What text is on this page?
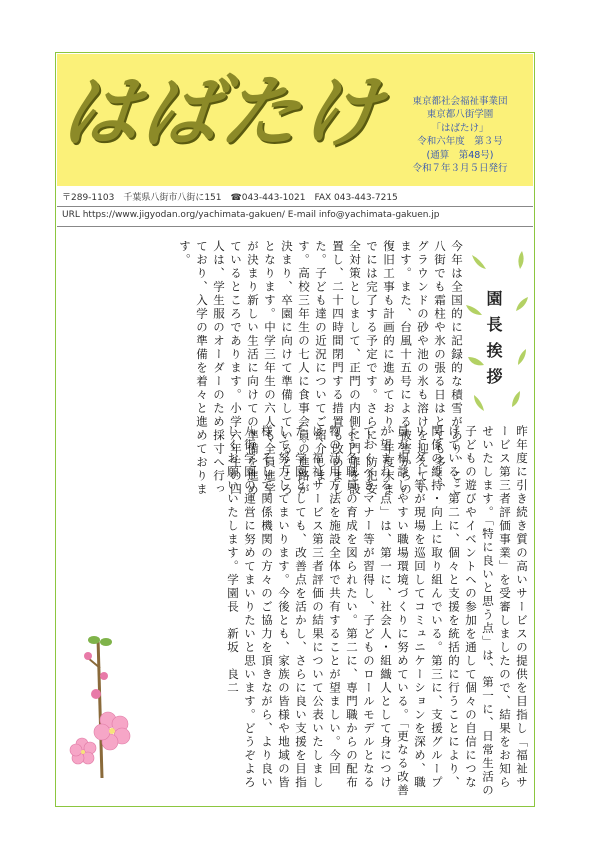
はばたけ	東京都社会福祉事業団
東京都八街学園
「はばたけ」
令和六年度　第３号
(通算　第48号)
令和７年３月５日発行
〒289-1103　千葉県八街市八街に151　☎043-443-1021　FAX 043-443-7215
URL https://www.jigyodan.org/yachimata-gakuen/ E-mail info@yachimata-gakuen.jp
園長挨拶
今年は全国的に記録的な積雪があり、ここ八街でも霜柱や氷の張る日はとても多く、グラウンドの砂や池の氷も溶けを迎えています。また、台風十五号による被害からの復旧工事も計画的に進めており、年度末までには完了する予定です。さらに、防犯安全対策としまして、正門の内側に門扉を設置し、二十四時間閉門する措置も改めました。子ども達の近況についてご紹介します。高校三年生の七人に食事会員の進路が決まり、卒園に向けて準備しているところとなります。中学三年生の六人も全員進学が決まり新しい生活に向けての準備を進めているところであります。小学六年生の四人は、学生服のオーダーのため採寸へ行っており、入学の準備を着々と進めております。
昨年度に引き続き質の高いサービスの提供を目指し「福祉サービス第三者評価事業」を受審しましたので、結果をお知らせいたします。「特に良いと思う点」は、第一に、日常生活の子どもの遊びやイベントへの参加を通して個々の自信につなげている。第二に、個々と支援を統括的に行うことにより、関係の維持・向上に取り組んでいる。第三に、支援グループリーダー等が現場を巡回してコミュニケーションを深め、職員が相談しやすい職場環境づくりに努めている。「更なる改善が望まれる点」は、第一に、社会人・組織人として身につけておくべきマナー等が習得し、子どものロールモデルとなるよう各職員の育成を図られたい。第二に、専門職からの配布物の活用方法を施設全体で共有することが望ましい。今回は、福祉サービス第三者評価の結果について公表いたしました。学園としても、改善点を活かし、さらに良い支援を目指して努力してまいります。今後とも、家族の皆様や地域の皆様、そして関係機関の方々のご協力を頂きながら、より良い八街学園の運営に努めてまいりたいと思います。どうぞよろしくお願いいたします。学園長　新坂　良二
